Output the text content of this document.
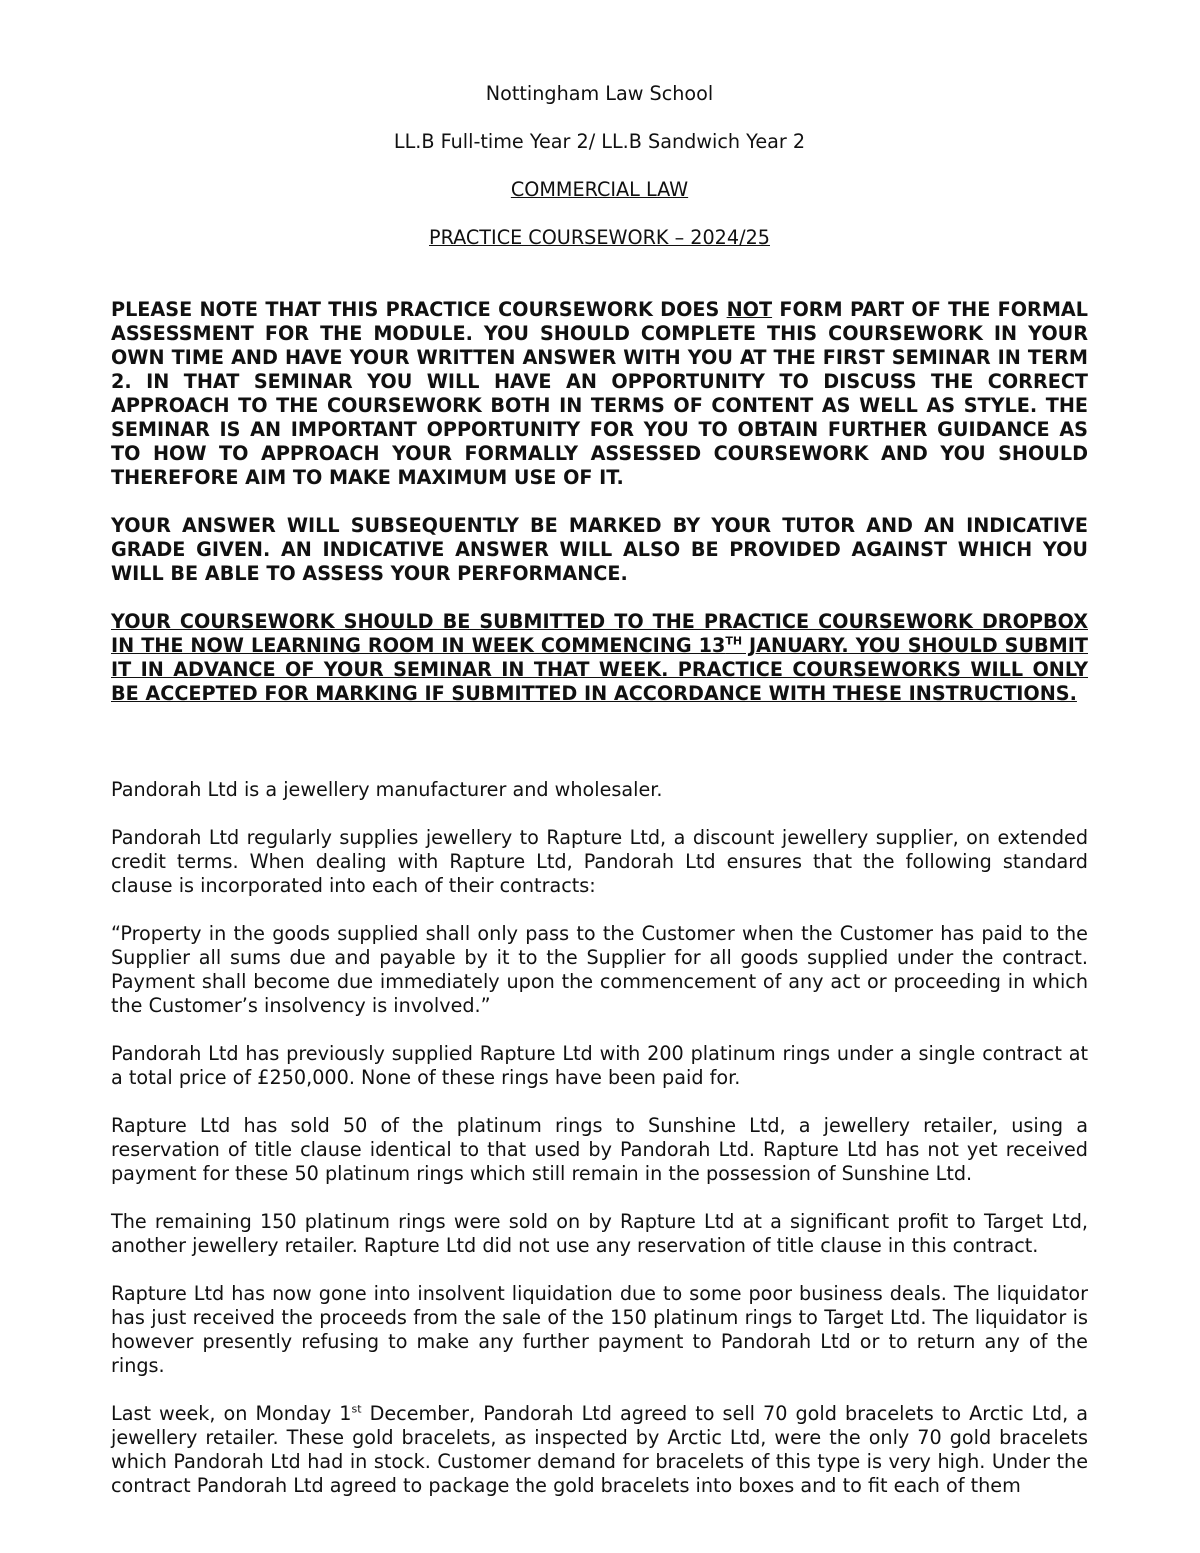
Nottingham Law School
LL.B Full-time Year 2/ LL.B Sandwich Year 2
COMMERCIAL LAW
PRACTICE COURSEWORK – 2024/25

PLEASE NOTE THAT THIS PRACTICE COURSEWORK DOES NOT FORM PART OF THE FORMAL ASSESSMENT FOR THE MODULE. YOU SHOULD COMPLETE THIS COURSEWORK IN YOUR OWN TIME AND HAVE YOUR WRITTEN ANSWER WITH YOU AT THE FIRST SEMINAR IN TERM 2. IN THAT SEMINAR YOU WILL HAVE AN OPPORTUNITY TO DISCUSS THE CORRECT APPROACH TO THE COURSEWORK BOTH IN TERMS OF CONTENT AS WELL AS STYLE. THE SEMINAR IS AN IMPORTANT OPPORTUNITY FOR YOU TO OBTAIN FURTHER GUIDANCE AS TO HOW TO APPROACH YOUR FORMALLY ASSESSED COURSEWORK AND YOU SHOULD THEREFORE AIM TO MAKE MAXIMUM USE OF IT.

YOUR ANSWER WILL SUBSEQUENTLY BE MARKED BY YOUR TUTOR AND AN INDICATIVE GRADE GIVEN. AN INDICATIVE ANSWER WILL ALSO BE PROVIDED AGAINST WHICH YOU WILL BE ABLE TO ASSESS YOUR PERFORMANCE.

YOUR COURSEWORK SHOULD BE SUBMITTED TO THE PRACTICE COURSEWORK DROPBOX IN THE NOW LEARNING ROOM IN WEEK COMMENCING 13TH JANUARY. YOU SHOULD SUBMIT IT IN ADVANCE OF YOUR SEMINAR IN THAT WEEK. PRACTICE COURSEWORKS WILL ONLY BE ACCEPTED FOR MARKING IF SUBMITTED IN ACCORDANCE WITH THESE INSTRUCTIONS.

Pandorah Ltd is a jewellery manufacturer and wholesaler.

Pandorah Ltd regularly supplies jewellery to Rapture Ltd, a discount jewellery supplier, on extended credit terms. When dealing with Rapture Ltd, Pandorah Ltd ensures that the following standard clause is incorporated into each of their contracts:

“Property in the goods supplied shall only pass to the Customer when the Customer has paid to the Supplier all sums due and payable by it to the Supplier for all goods supplied under the contract. Payment shall become due immediately upon the commencement of any act or proceeding in which the Customer’s insolvency is involved.”

Pandorah Ltd has previously supplied Rapture Ltd with 200 platinum rings under a single contract at a total price of £250,000. None of these rings have been paid for.

Rapture Ltd has sold 50 of the platinum rings to Sunshine Ltd, a jewellery retailer, using a reservation of title clause identical to that used by Pandorah Ltd. Rapture Ltd has not yet received payment for these 50 platinum rings which still remain in the possession of Sunshine Ltd.

The remaining 150 platinum rings were sold on by Rapture Ltd at a significant profit to Target Ltd, another jewellery retailer. Rapture Ltd did not use any reservation of title clause in this contract.

Rapture Ltd has now gone into insolvent liquidation due to some poor business deals. The liquidator has just received the proceeds from the sale of the 150 platinum rings to Target Ltd. The liquidator is however presently refusing to make any further payment to Pandorah Ltd or to return any of the rings.

Last week, on Monday 1st December, Pandorah Ltd agreed to sell 70 gold bracelets to Arctic Ltd, a jewellery retailer. These gold bracelets, as inspected by Arctic Ltd, were the only 70 gold bracelets which Pandorah Ltd had in stock. Customer demand for bracelets of this type is very high. Under the contract Pandorah Ltd agreed to package the gold bracelets into boxes and to fit each of them
